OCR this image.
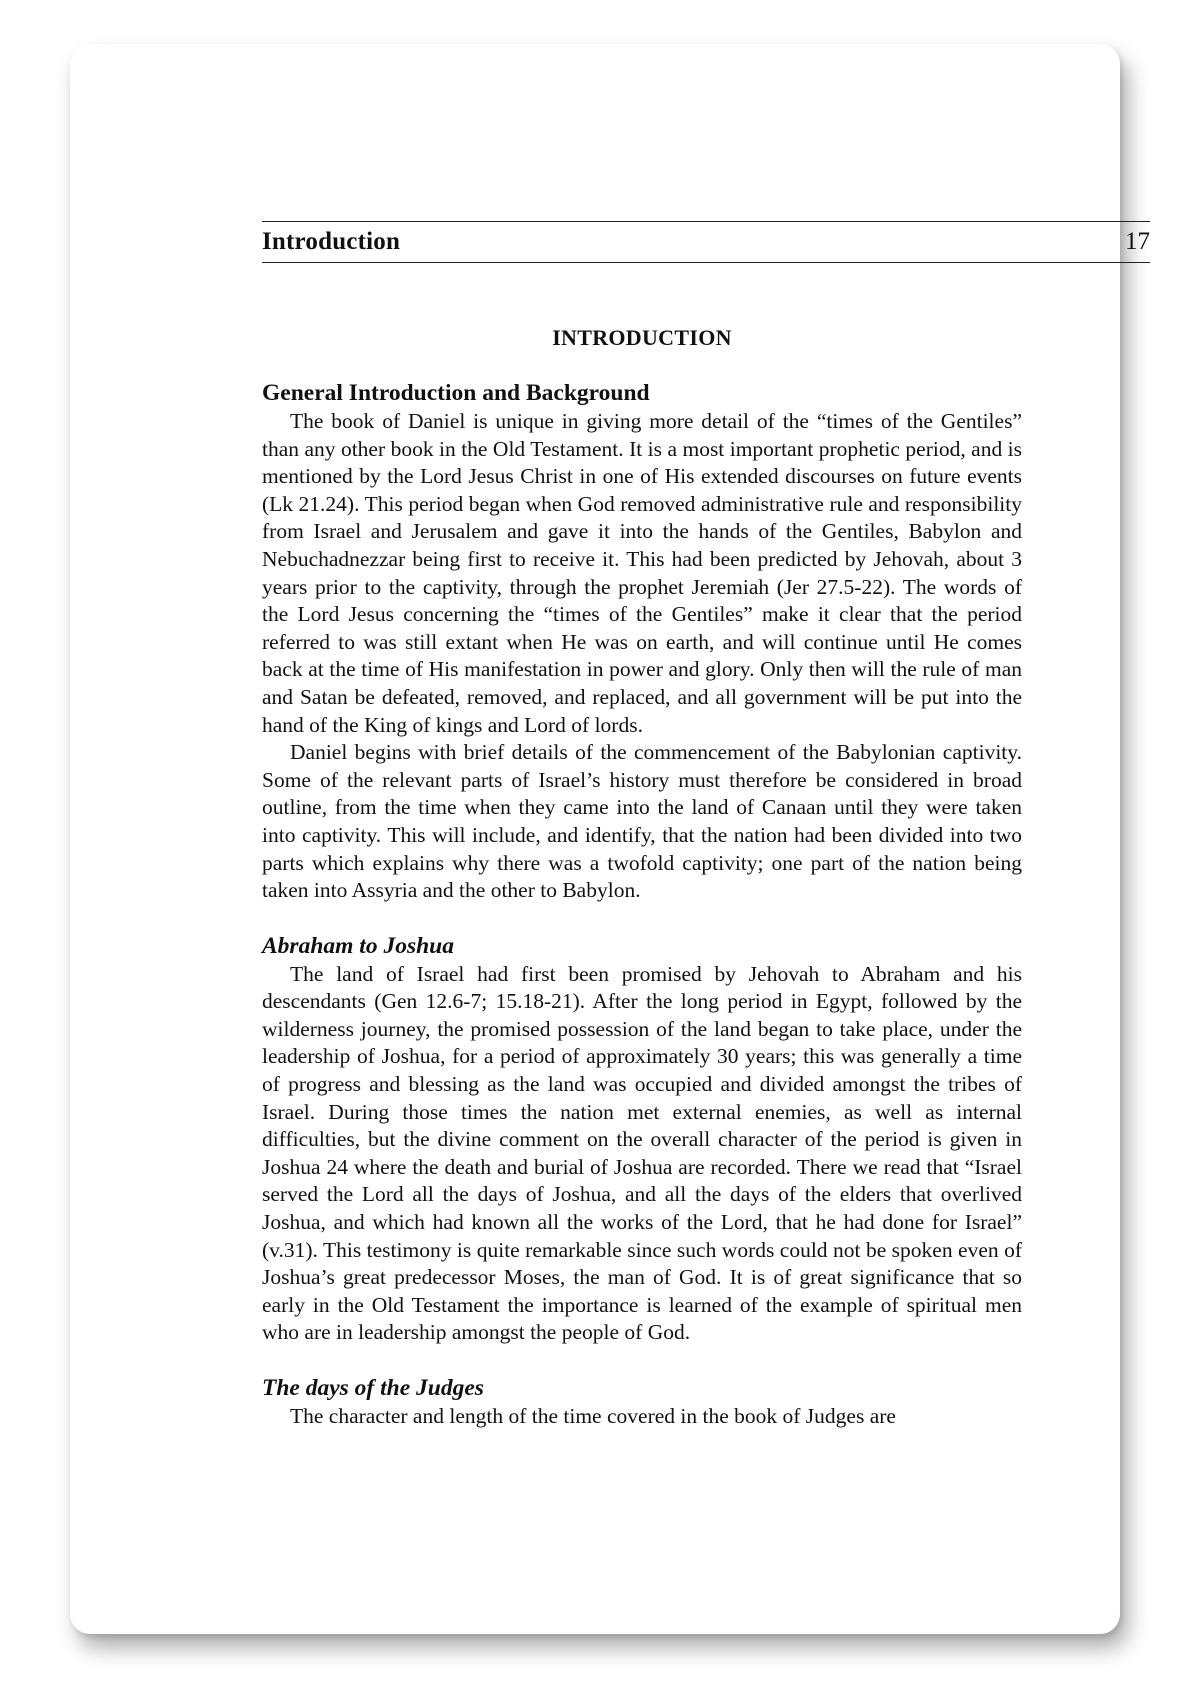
Introduction	17
INTRODUCTION
General Introduction and Background

The book of Daniel is unique in giving more detail of the “times of the Gentiles” than any other book in the Old Testament. It is a most important prophetic period, and is mentioned by the Lord Jesus Christ in one of His extended discourses on future events (Lk 21.24). This period began when God removed administrative rule and responsibility from Israel and Jerusalem and gave it into the hands of the Gentiles, Babylon and Nebuchadnezzar being first to receive it. This had been predicted by Jehovah, about 3 years prior to the captivity, through the prophet Jeremiah (Jer 27.5-22). The words of the Lord Jesus concerning the “times of the Gentiles” make it clear that the period referred to was still extant when He was on earth, and will continue until He comes back at the time of His manifestation in power and glory. Only then will the rule of man and Satan be defeated, removed, and replaced, and all government will be put into the hand of the King of kings and Lord of lords.

Daniel begins with brief details of the commencement of the Babylonian captivity. Some of the relevant parts of Israel’s history must therefore be considered in broad outline, from the time when they came into the land of Canaan until they were taken into captivity. This will include, and identify, that the nation had been divided into two parts which explains why there was a twofold captivity; one part of the nation being taken into Assyria and the other to Babylon.

Abraham to Joshua

The land of Israel had first been promised by Jehovah to Abraham and his descendants (Gen 12.6-7; 15.18-21). After the long period in Egypt, followed by the wilderness journey, the promised possession of the land began to take place, under the leadership of Joshua, for a period of approximately 30 years; this was generally a time of progress and blessing as the land was occupied and divided amongst the tribes of Israel. During those times the nation met external enemies, as well as internal difficulties, but the divine comment on the overall character of the period is given in Joshua 24 where the death and burial of Joshua are recorded. There we read that “Israel served the Lord all the days of Joshua, and all the days of the elders that overlived Joshua, and which had known all the works of the Lord, that he had done for Israel” (v.31). This testimony is quite remarkable since such words could not be spoken even of Joshua’s great predecessor Moses, the man of God. It is of great significance that so early in the Old Testament the importance is learned of the example of spiritual men who are in leadership amongst the people of God.

The days of the Judges

The character and length of the time covered in the book of Judges are
